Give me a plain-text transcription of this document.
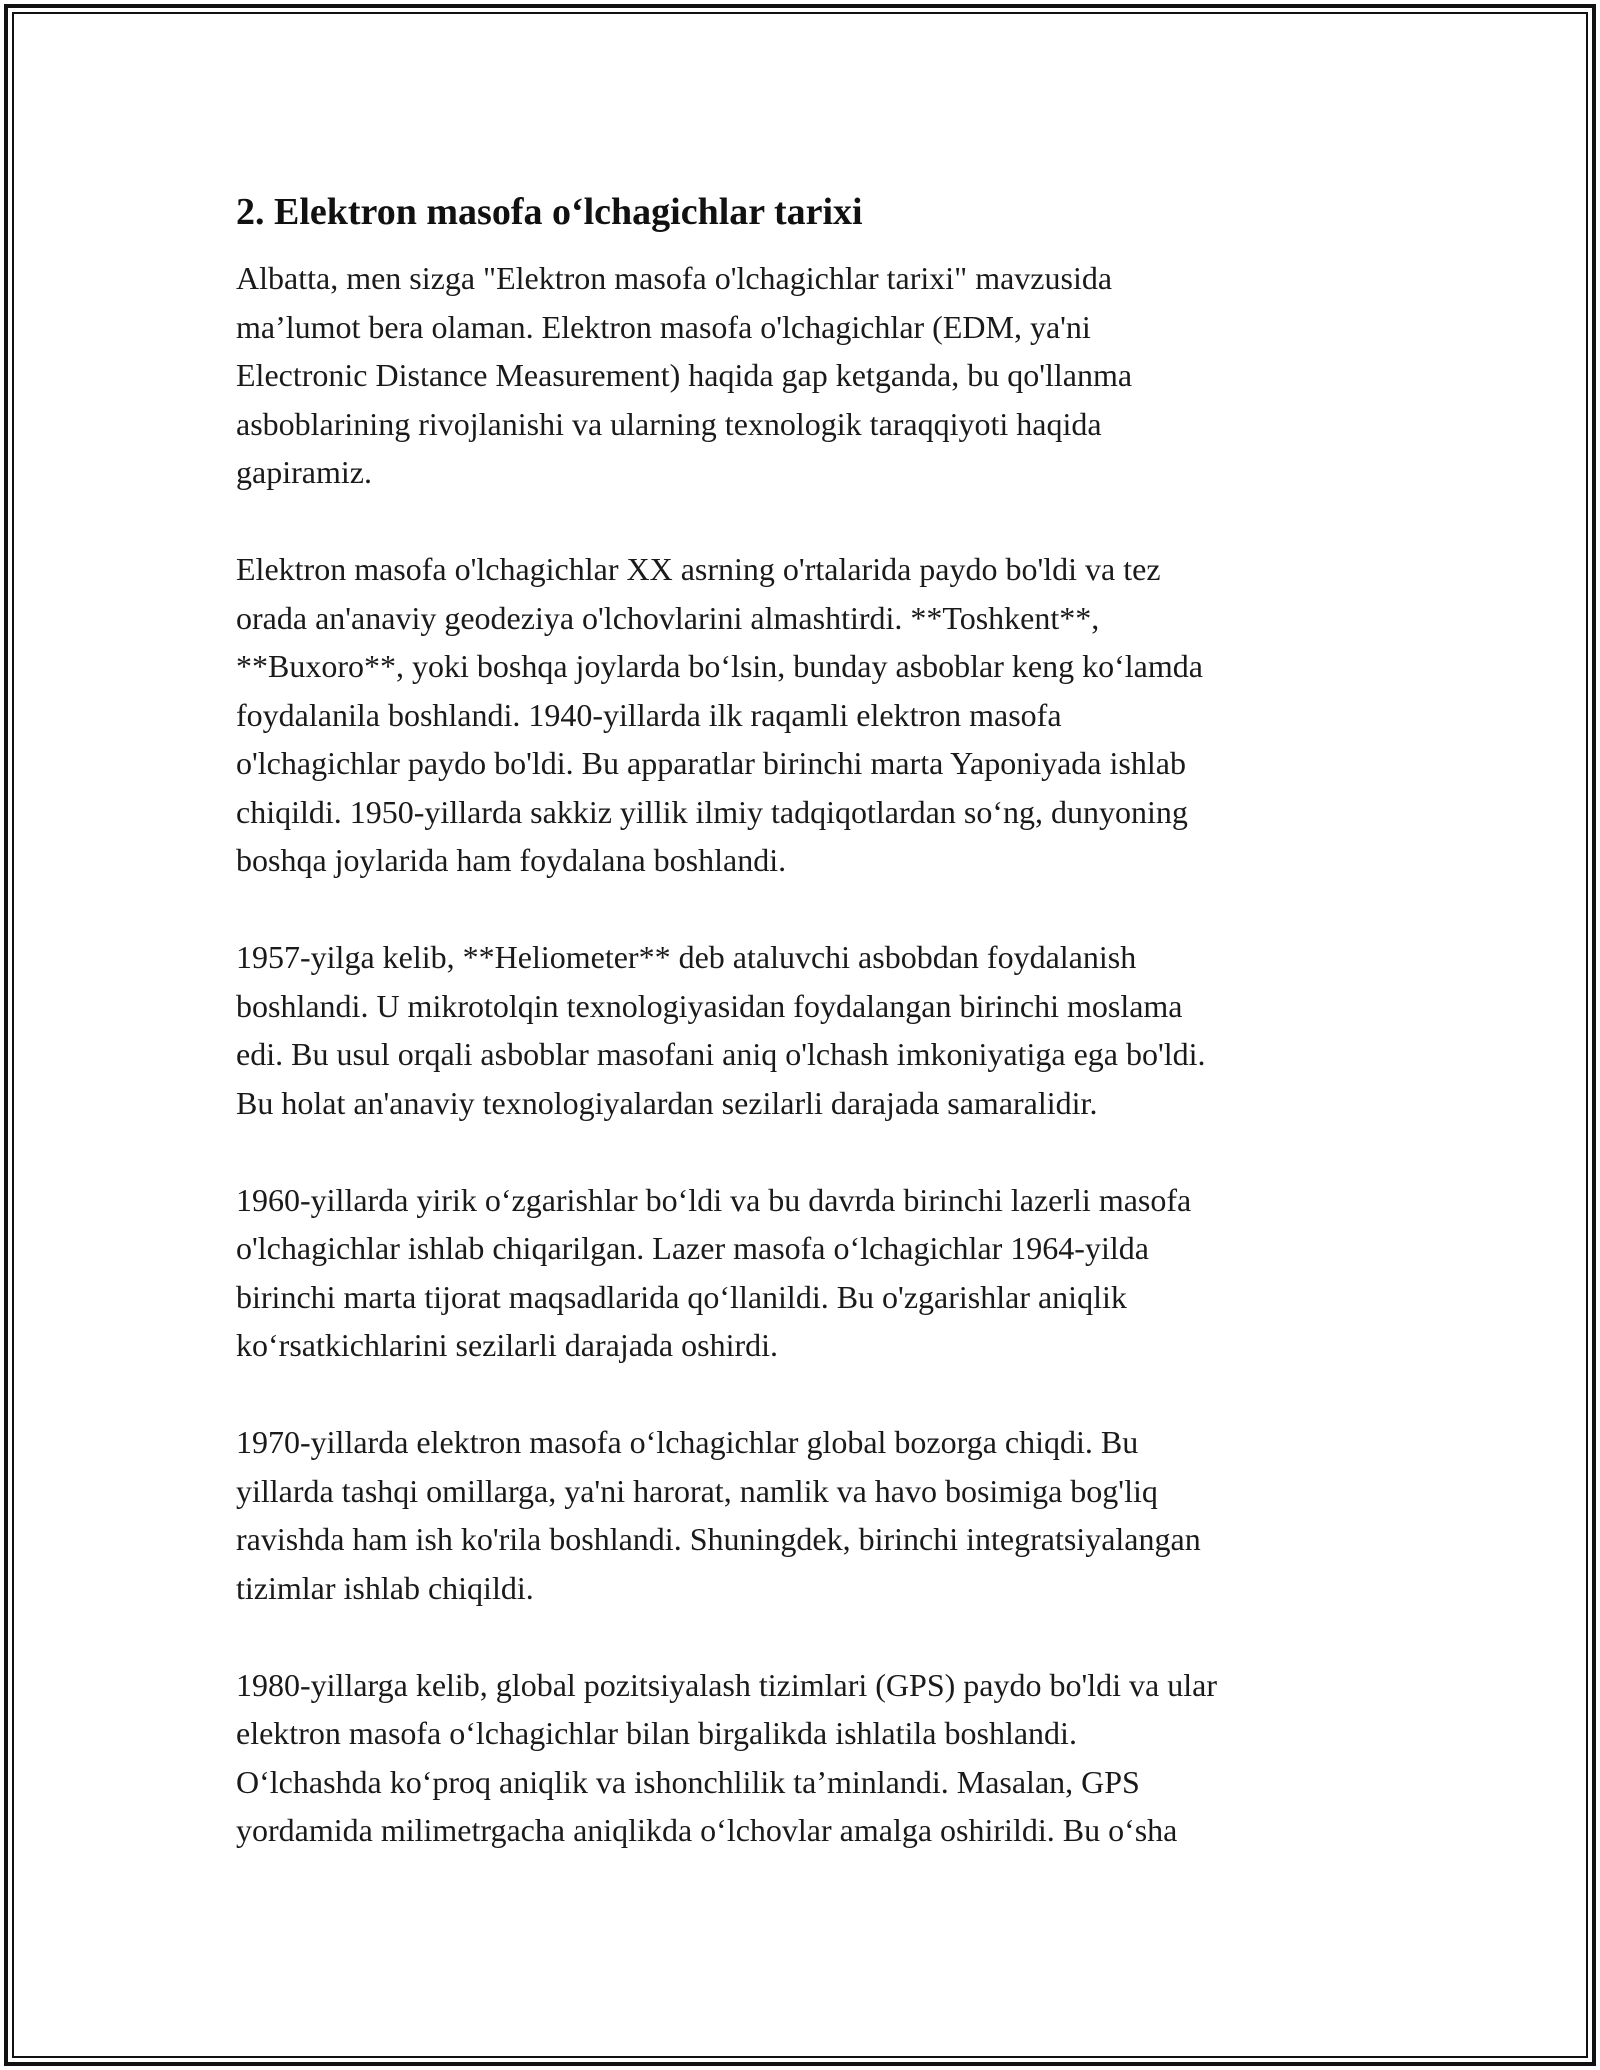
2. Elektron masofa o‘lchagichlar tarixi

Albatta, men sizga "Elektron masofa o'lchagichlar tarixi" mavzusida
ma’lumot bera olaman. Elektron masofa o'lchagichlar (EDM, ya'ni
Electronic Distance Measurement) haqida gap ketganda, bu qo'llanma
asboblarining rivojlanishi va ularning texnologik taraqqiyoti haqida
gapiramiz.

Elektron masofa o'lchagichlar XX asrning o'rtalarida paydo bo'ldi va tez
orada an'anaviy geodeziya o'lchovlarini almashtirdi. **Toshkent**,
**Buxoro**, yoki boshqa joylarda bo‘lsin, bunday asboblar keng ko‘lamda
foydalanila boshlandi. 1940-yillarda ilk raqamli elektron masofa
o'lchagichlar paydo bo'ldi. Bu apparatlar birinchi marta Yaponiyada ishlab
chiqildi. 1950-yillarda sakkiz yillik ilmiy tadqiqotlardan so‘ng, dunyoning
boshqa joylarida ham foydalana boshlandi.

1957-yilga kelib, **Heliometer** deb ataluvchi asbobdan foydalanish
boshlandi. U mikrotolqin texnologiyasidan foydalangan birinchi moslama
edi. Bu usul orqali asboblar masofani aniq o'lchash imkoniyatiga ega bo'ldi.
Bu holat an'anaviy texnologiyalardan sezilarli darajada samaralidir.

1960-yillarda yirik o‘zgarishlar bo‘ldi va bu davrda birinchi lazerli masofa
o'lchagichlar ishlab chiqarilgan. Lazer masofa o‘lchagichlar 1964-yilda
birinchi marta tijorat maqsadlarida qo‘llanildi. Bu o'zgarishlar aniqlik
ko‘rsatkichlarini sezilarli darajada oshirdi.

1970-yillarda elektron masofa o‘lchagichlar global bozorga chiqdi. Bu
yillarda tashqi omillarga, ya'ni harorat, namlik va havo bosimiga bog'liq
ravishda ham ish ko'rila boshlandi. Shuningdek, birinchi integratsiyalangan
tizimlar ishlab chiqildi.

1980-yillarga kelib, global pozitsiyalash tizimlari (GPS) paydo bo'ldi va ular
elektron masofa o‘lchagichlar bilan birgalikda ishlatila boshlandi.
O‘lchashda ko‘proq aniqlik va ishonchlilik ta’minlandi. Masalan, GPS
yordamida milimetrgacha aniqlikda o‘lchovlar amalga oshirildi. Bu o‘sha
